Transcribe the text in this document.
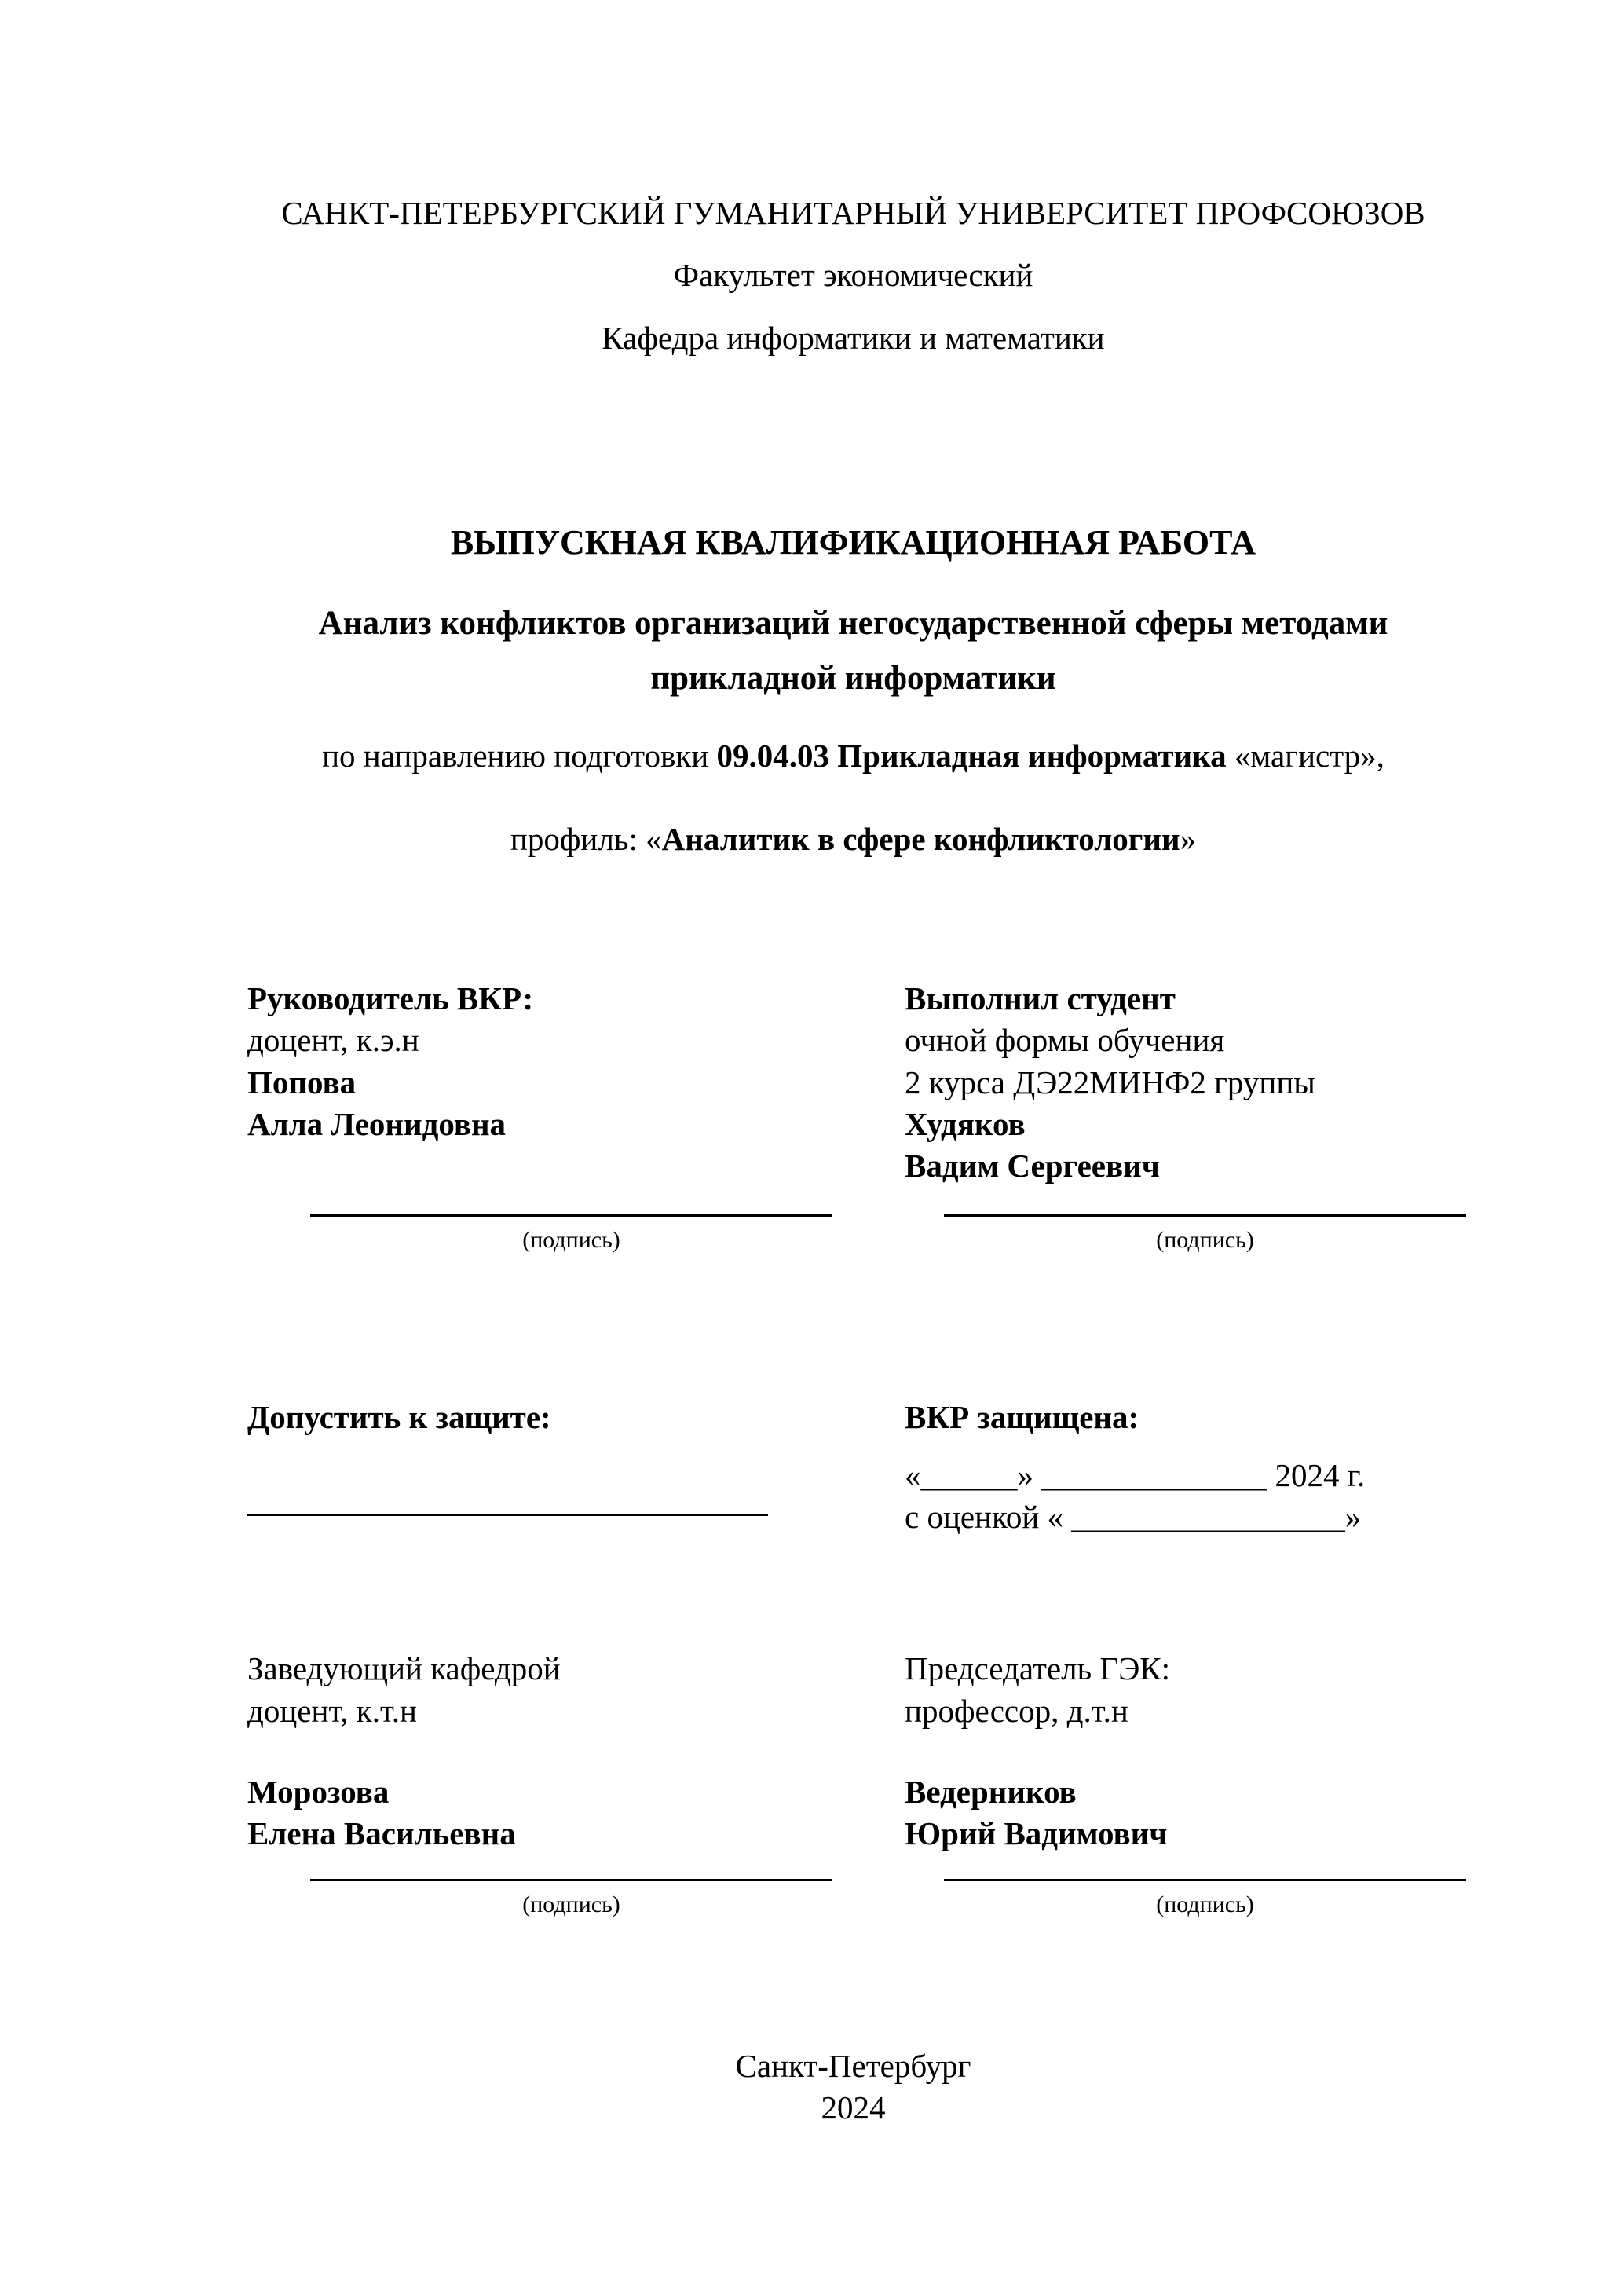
САНКТ-ПЕТЕРБУРГСКИЙ ГУМАНИТАРНЫЙ УНИВЕРСИТЕТ ПРОФСОЮЗОВ
Факультет экономический
Кафедра информатики и математики
ВЫПУСКНАЯ КВАЛИФИКАЦИОННАЯ РАБОТА
Анализ конфликтов организаций негосударственной сферы методами прикладной информатики
по направлению подготовки 09.04.03 Прикладная информатика «магистр»,
профиль: «Аналитик в сфере конфликтологии»
Руководитель ВКР:
доцент, к.э.н
Попова
Алла Леонидовна
Выполнил студент
очной формы обучения
2 курса ДЭ22МИНФ2 группы
Худяков
Вадим Сергеевич
(подпись)	(подпись)
Допустить к защите:	ВКР защищена:
«______» ______________ 2024 г.
с оценкой « _________________»
Заведующий кафедрой
доцент, к.т.н
Морозова
Елена Васильевна
Председатель ГЭК:
профессор, д.т.н
Ведерников
Юрий Вадимович
(подпись)	(подпись)
Санкт-Петербург
2024
